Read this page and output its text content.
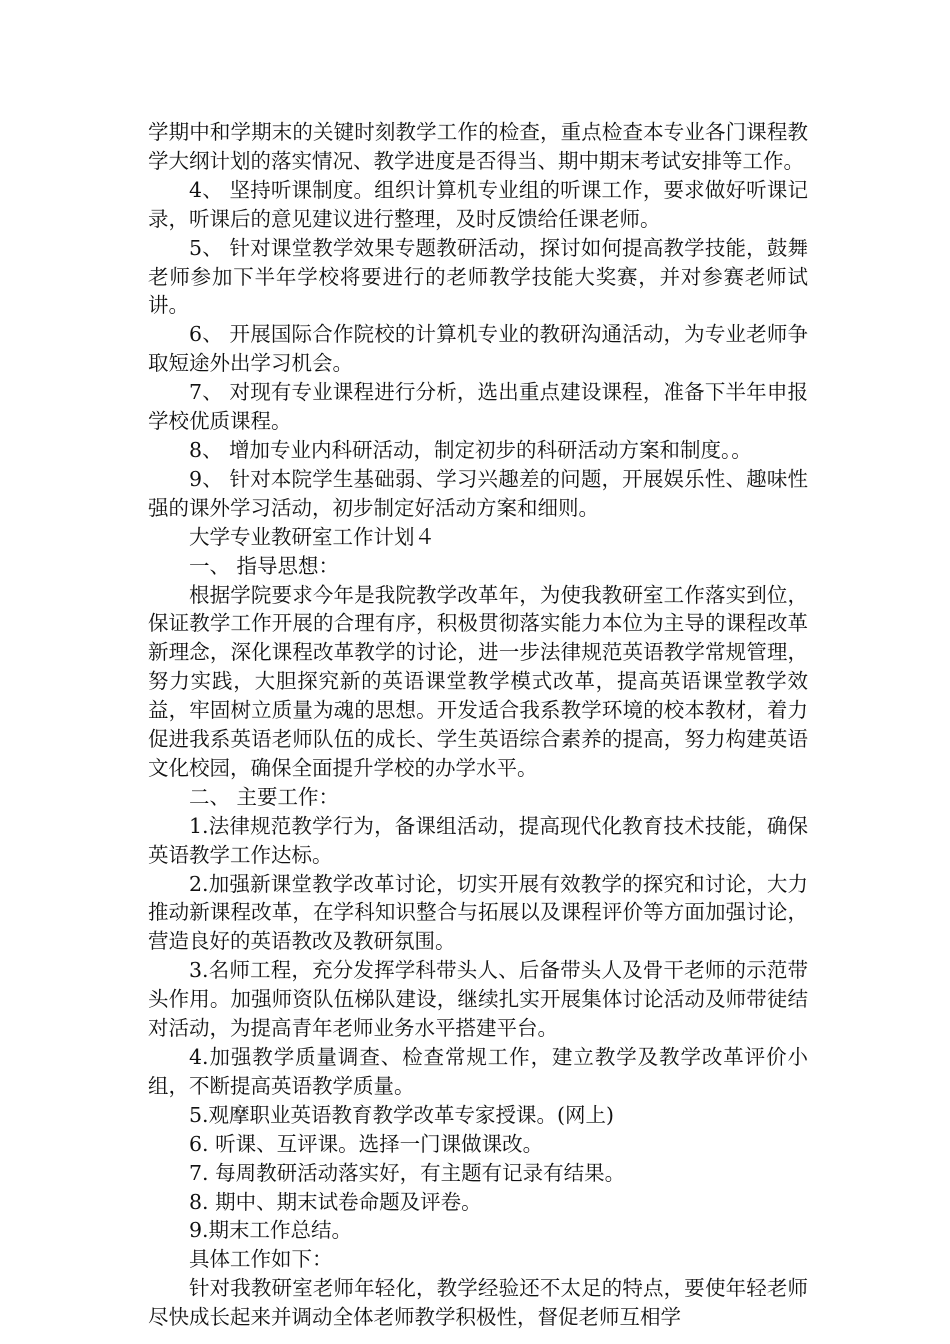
学期中和学期末的关键时刻教学工作的检查，重点检查本专业各门课程教学大纲计划的落实情况、教学进度是否得当、期中期末考试安排等工作。

4、 坚持听课制度。组织计算机专业组的听课工作，要求做好听课记录，听课后的意见建议进行整理，及时反馈给任课老师。

5、 针对课堂教学效果专题教研活动，探讨如何提高教学技能，鼓舞老师参加下半年学校将要进行的老师教学技能大奖赛，并对参赛老师试讲。

6、 开展国际合作院校的计算机专业的教研沟通活动，为专业老师争取短途外出学习机会。

7、 对现有专业课程进行分析，选出重点建设课程，准备下半年申报学校优质课程。

8、 增加专业内科研活动，制定初步的科研活动方案和制度。。

9、 针对本院学生基础弱、学习兴趣差的问题，开展娱乐性、趣味性强的课外学习活动，初步制定好活动方案和细则。

大学专业教研室工作计划４

一、 指导思想：

根据学院要求今年是我院教学改革年，为使我教研室工作落实到位，保证教学工作开展的合理有序，积极贯彻落实能力本位为主导的课程改革新理念，深化课程改革教学的讨论，进一步法律规范英语教学常规管理，努力实践，大胆探究新的英语课堂教学模式改革，提高英语课堂教学效益，牢固树立质量为魂的思想。开发适合我系教学环境的校本教材，着力促进我系英语老师队伍的成长、学生英语综合素养的提高，努力构建英语文化校园，确保全面提升学校的办学水平。

二、 主要工作：

1.法律规范教学行为，备课组活动，提高现代化教育技术技能，确保英语教学工作达标。

2.加强新课堂教学改革讨论，切实开展有效教学的探究和讨论，大力推动新课程改革，在学科知识整合与拓展以及课程评价等方面加强讨论，营造良好的英语教改及教研氛围。

3.名师工程，充分发挥学科带头人、后备带头人及骨干老师的示范带头作用。加强师资队伍梯队建设，继续扎实开展集体讨论活动及师带徒结对活动，为提高青年老师业务水平搭建平台。

4.加强教学质量调查、检查常规工作，建立教学及教学改革评价小组，不断提高英语教学质量。

5.观摩职业英语教育教学改革专家授课。(网上)

6. 听课、互评课。选择一门课做课改。

7. 每周教研活动落实好，有主题有记录有结果。

8. 期中、期末试卷命题及评卷。

9.期末工作总结。

具体工作如下：

针对我教研室老师年轻化，教学经验还不太足的特点，要使年轻老师尽快成长起来并调动全体老师教学积极性，督促老师互相学
